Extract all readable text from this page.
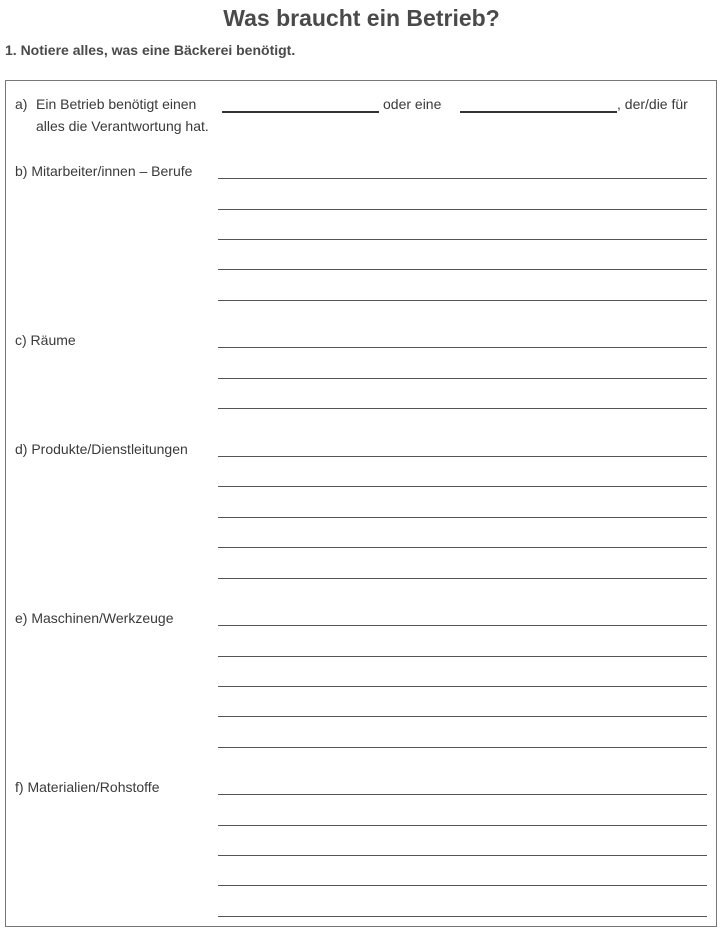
Was braucht ein Betrieb?
1. Notiere alles, was eine Bäckerei benötigt.
a) Ein Betrieb benötigt einen	oder eine	, der/die für
alles die Verantwortung hat.
b) Mitarbeiter/innen – Berufe
c) Räume
d) Produkte/Dienstleitungen
e) Maschinen/Werkzeuge
f) Materialien/Rohstoffe
